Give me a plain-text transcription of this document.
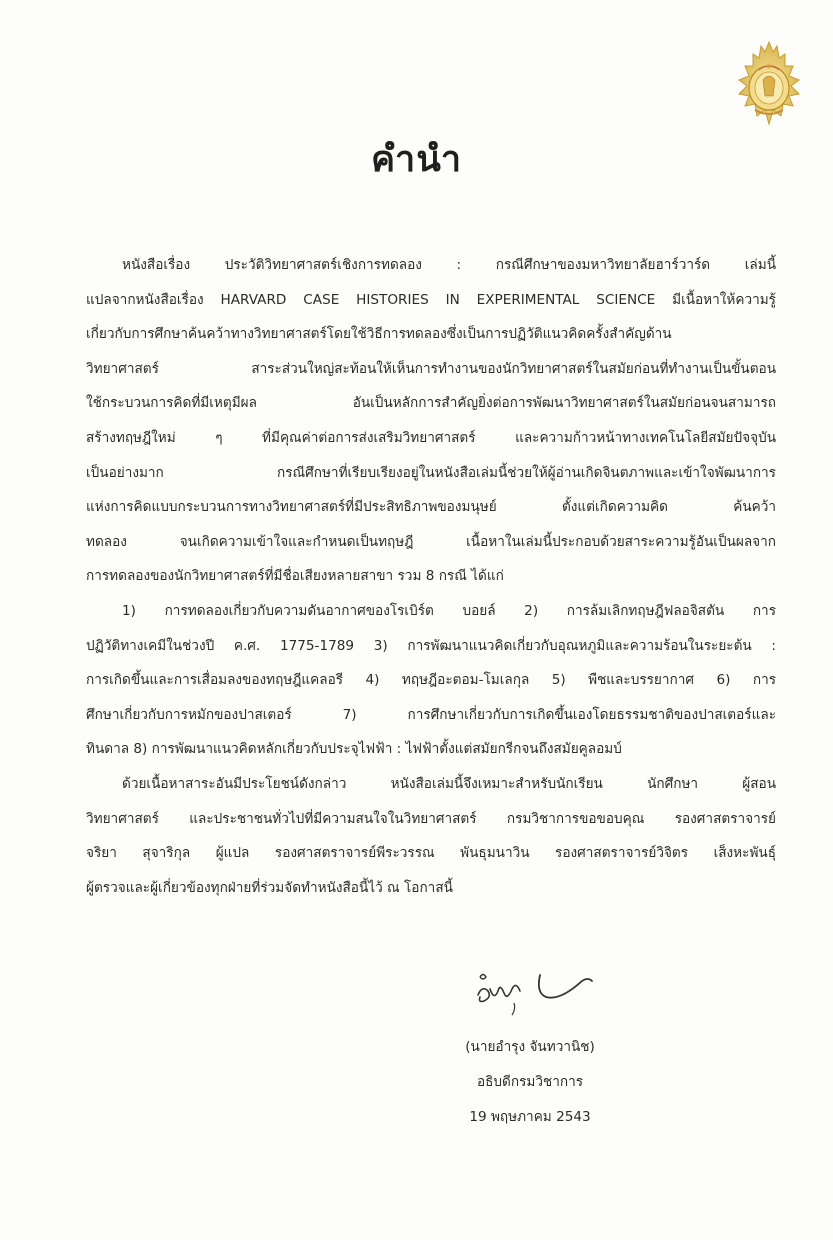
คำนำ
หนังสือเรื่อง ประวัติวิทยาศาสตร์เชิงการทดลอง : กรณีศึกษาของมหาวิทยาลัยฮาร์วาร์ด เล่มนี้
แปลจากหนังสือเรื่อง HARVARD CASE HISTORIES IN EXPERIMENTAL SCIENCE มีเนื้อหาให้ความรู้
เกี่ยวกับการศึกษาค้นคว้าทางวิทยาศาสตร์โดยใช้วิธีการทดลองซึ่งเป็นการปฏิวัติแนวคิดครั้งสำคัญด้าน
วิทยาศาสตร์ สาระส่วนใหญ่สะท้อนให้เห็นการทำงานของนักวิทยาศาสตร์ในสมัยก่อนที่ทำงานเป็นขั้นตอน
ใช้กระบวนการคิดที่มีเหตุมีผล อันเป็นหลักการสำคัญยิ่งต่อการพัฒนาวิทยาศาสตร์ในสมัยก่อนจนสามารถ
สร้างทฤษฎีใหม่ ๆ ที่มีคุณค่าต่อการส่งเสริมวิทยาศาสตร์ และความก้าวหน้าทางเทคโนโลยีสมัยปัจจุบัน
เป็นอย่างมาก กรณีศึกษาที่เรียบเรียงอยู่ในหนังสือเล่มนี้ช่วยให้ผู้อ่านเกิดจินตภาพและเข้าใจพัฒนาการ
แห่งการคิดแบบกระบวนการทางวิทยาศาสตร์ที่มีประสิทธิภาพของมนุษย์ ตั้งแต่เกิดความคิด ค้นคว้า
ทดลอง จนเกิดความเข้าใจและกำหนดเป็นทฤษฎี เนื้อหาในเล่มนี้ประกอบด้วยสาระความรู้อันเป็นผลจาก
การทดลองของนักวิทยาศาสตร์ที่มีชื่อเสียงหลายสาขา รวม 8 กรณี ได้แก่
1) การทดลองเกี่ยวกับความดันอากาศของโรเบิร์ต บอยล์ 2) การล้มเลิกทฤษฎีฟลอจิสตัน การ
ปฏิวัติทางเคมีในช่วงปี ค.ศ. 1775-1789 3) การพัฒนาแนวคิดเกี่ยวกับอุณหภูมิและความร้อนในระยะต้น :
การเกิดขึ้นและการเสื่อมลงของทฤษฎีแคลอรี 4) ทฤษฎีอะตอม-โมเลกุล 5) พืชและบรรยากาศ 6) การ
ศึกษาเกี่ยวกับการหมักของปาสเตอร์ 7) การศึกษาเกี่ยวกับการเกิดขึ้นเองโดยธรรมชาติของปาสเตอร์และ
ทินดาล 8) การพัฒนาแนวคิดหลักเกี่ยวกับประจุไฟฟ้า : ไฟฟ้าตั้งแต่สมัยกรีกจนถึงสมัยคูลอมบ์
ด้วยเนื้อหาสาระอันมีประโยชน์ดังกล่าว หนังสือเล่มนี้จึงเหมาะสำหรับนักเรียน นักศึกษา ผู้สอน
วิทยาศาสตร์ และประชาชนทั่วไปที่มีความสนใจในวิทยาศาสตร์ กรมวิชาการขอขอบคุณ รองศาสตราจารย์
จริยา สุจาริกุล ผู้แปล รองศาสตราจารย์พีระวรรณ พันธุมนาวิน รองศาสตราจารย์วิจิตร เส็งหะพันธุ์
ผู้ตรวจและผู้เกี่ยวข้องทุกฝ่ายที่ร่วมจัดทำหนังสือนี้ไว้ ณ โอกาสนี้
(นายอำรุง จันทวานิช)
อธิบดีกรมวิชาการ
19 พฤษภาคม 2543
